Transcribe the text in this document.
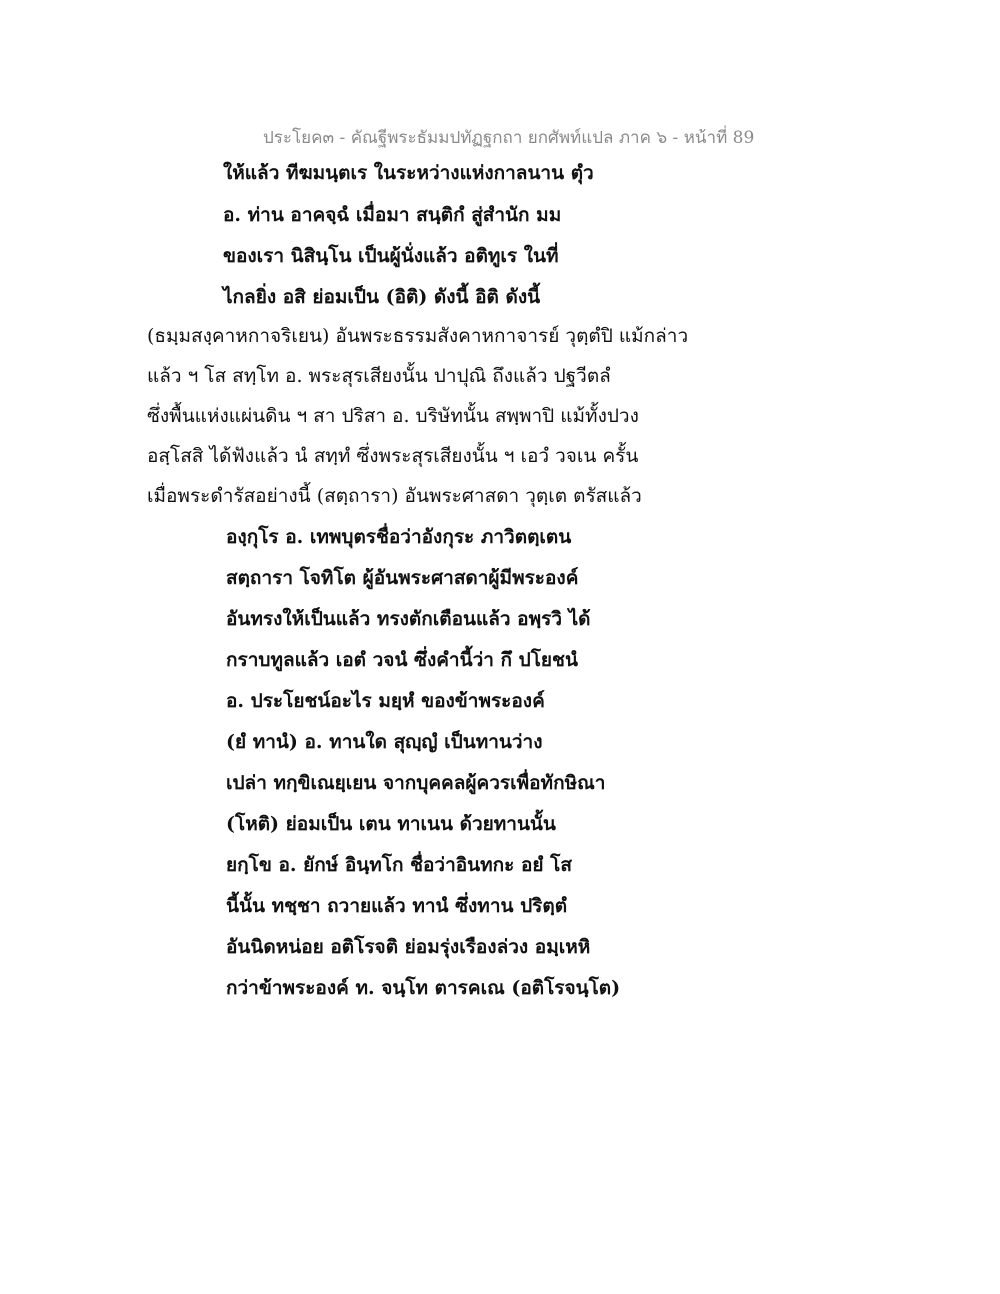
ประโยค๓ - คัณฐีพระธัมมปทัฏฐกถา ยกศัพท์แปล ภาค ๖ - หน้าที่ 89
ให้แล้ว ทีฆมนฺตเร ในระหว่างแห่งกาลนาน ตุํว
อ. ท่าน อาคจฺฉํ เมื่อมา สนฺติกํ สู่สำนัก มม
ของเรา นิสินฺโน เป็นผู้นั่งแล้ว อติทูเร ในที่
ไกลยิ่ง อสิ ย่อมเป็น (อิติ) ดังนี้ อิติ ดังนี้
(ธมฺมสงฺคาหกาจริเยน) อันพระธรรมสังคาหกาจารย์ วุตฺตํปิ แม้กล่าว
แล้ว ฯ โส สทฺโท อ. พระสุรเสียงนั้น ปาปุณิ ถึงแล้ว ปฐวีตลํ
ซึ่งพื้นแห่งแผ่นดิน ฯ สา ปริสา อ. บริษัทนั้น สพฺพาปิ แม้ทั้งปวง
อสฺโสสิ ได้ฟังแล้ว นํ สทฺทํ ซึ่งพระสุรเสียงนั้น ฯ เอวํ วจเน ครั้น
เมื่อพระดำรัสอย่างนี้ (สตฺถารา) อันพระศาสดา วุตฺเต ตรัสแล้ว
องฺกุโร อ. เทพบุตรชื่อว่าอังกุระ ภาวิตตฺเตน
สตฺถารา โจทิโต ผู้อันพระศาสดาผู้มีพระองค์
อันทรงให้เป็นแล้ว ทรงตักเตือนแล้ว อพฺรวิ ได้
กราบทูลแล้ว เอตํ วจนํ ซึ่งคำนี้ว่า กึ ปโยชนํ
อ. ประโยชน์อะไร มยฺหํ ของข้าพระองค์
(ยํ ทานํ) อ. ทานใด สุญฺญํ เป็นทานว่าง
เปล่า ทกฺขิเณยฺเยน จากบุคคลผู้ควรเพื่อทักษิณา
(โหติ) ย่อมเป็น เตน ทาเนน ด้วยทานนั้น
ยกฺโข อ. ยักษ์ อินฺทโก ชื่อว่าอินทกะ อยํ โส
นี้นั้น ทชฺชา ถวายแล้ว ทานํ ซึ่งทาน ปริตฺตํ
อันนิดหน่อย อติโรจติ ย่อมรุ่งเรืองล่วง อมฺเหหิ
กว่าข้าพระองค์ ท. จนฺโท ตารคเณ (อติโรจนฺโต)
